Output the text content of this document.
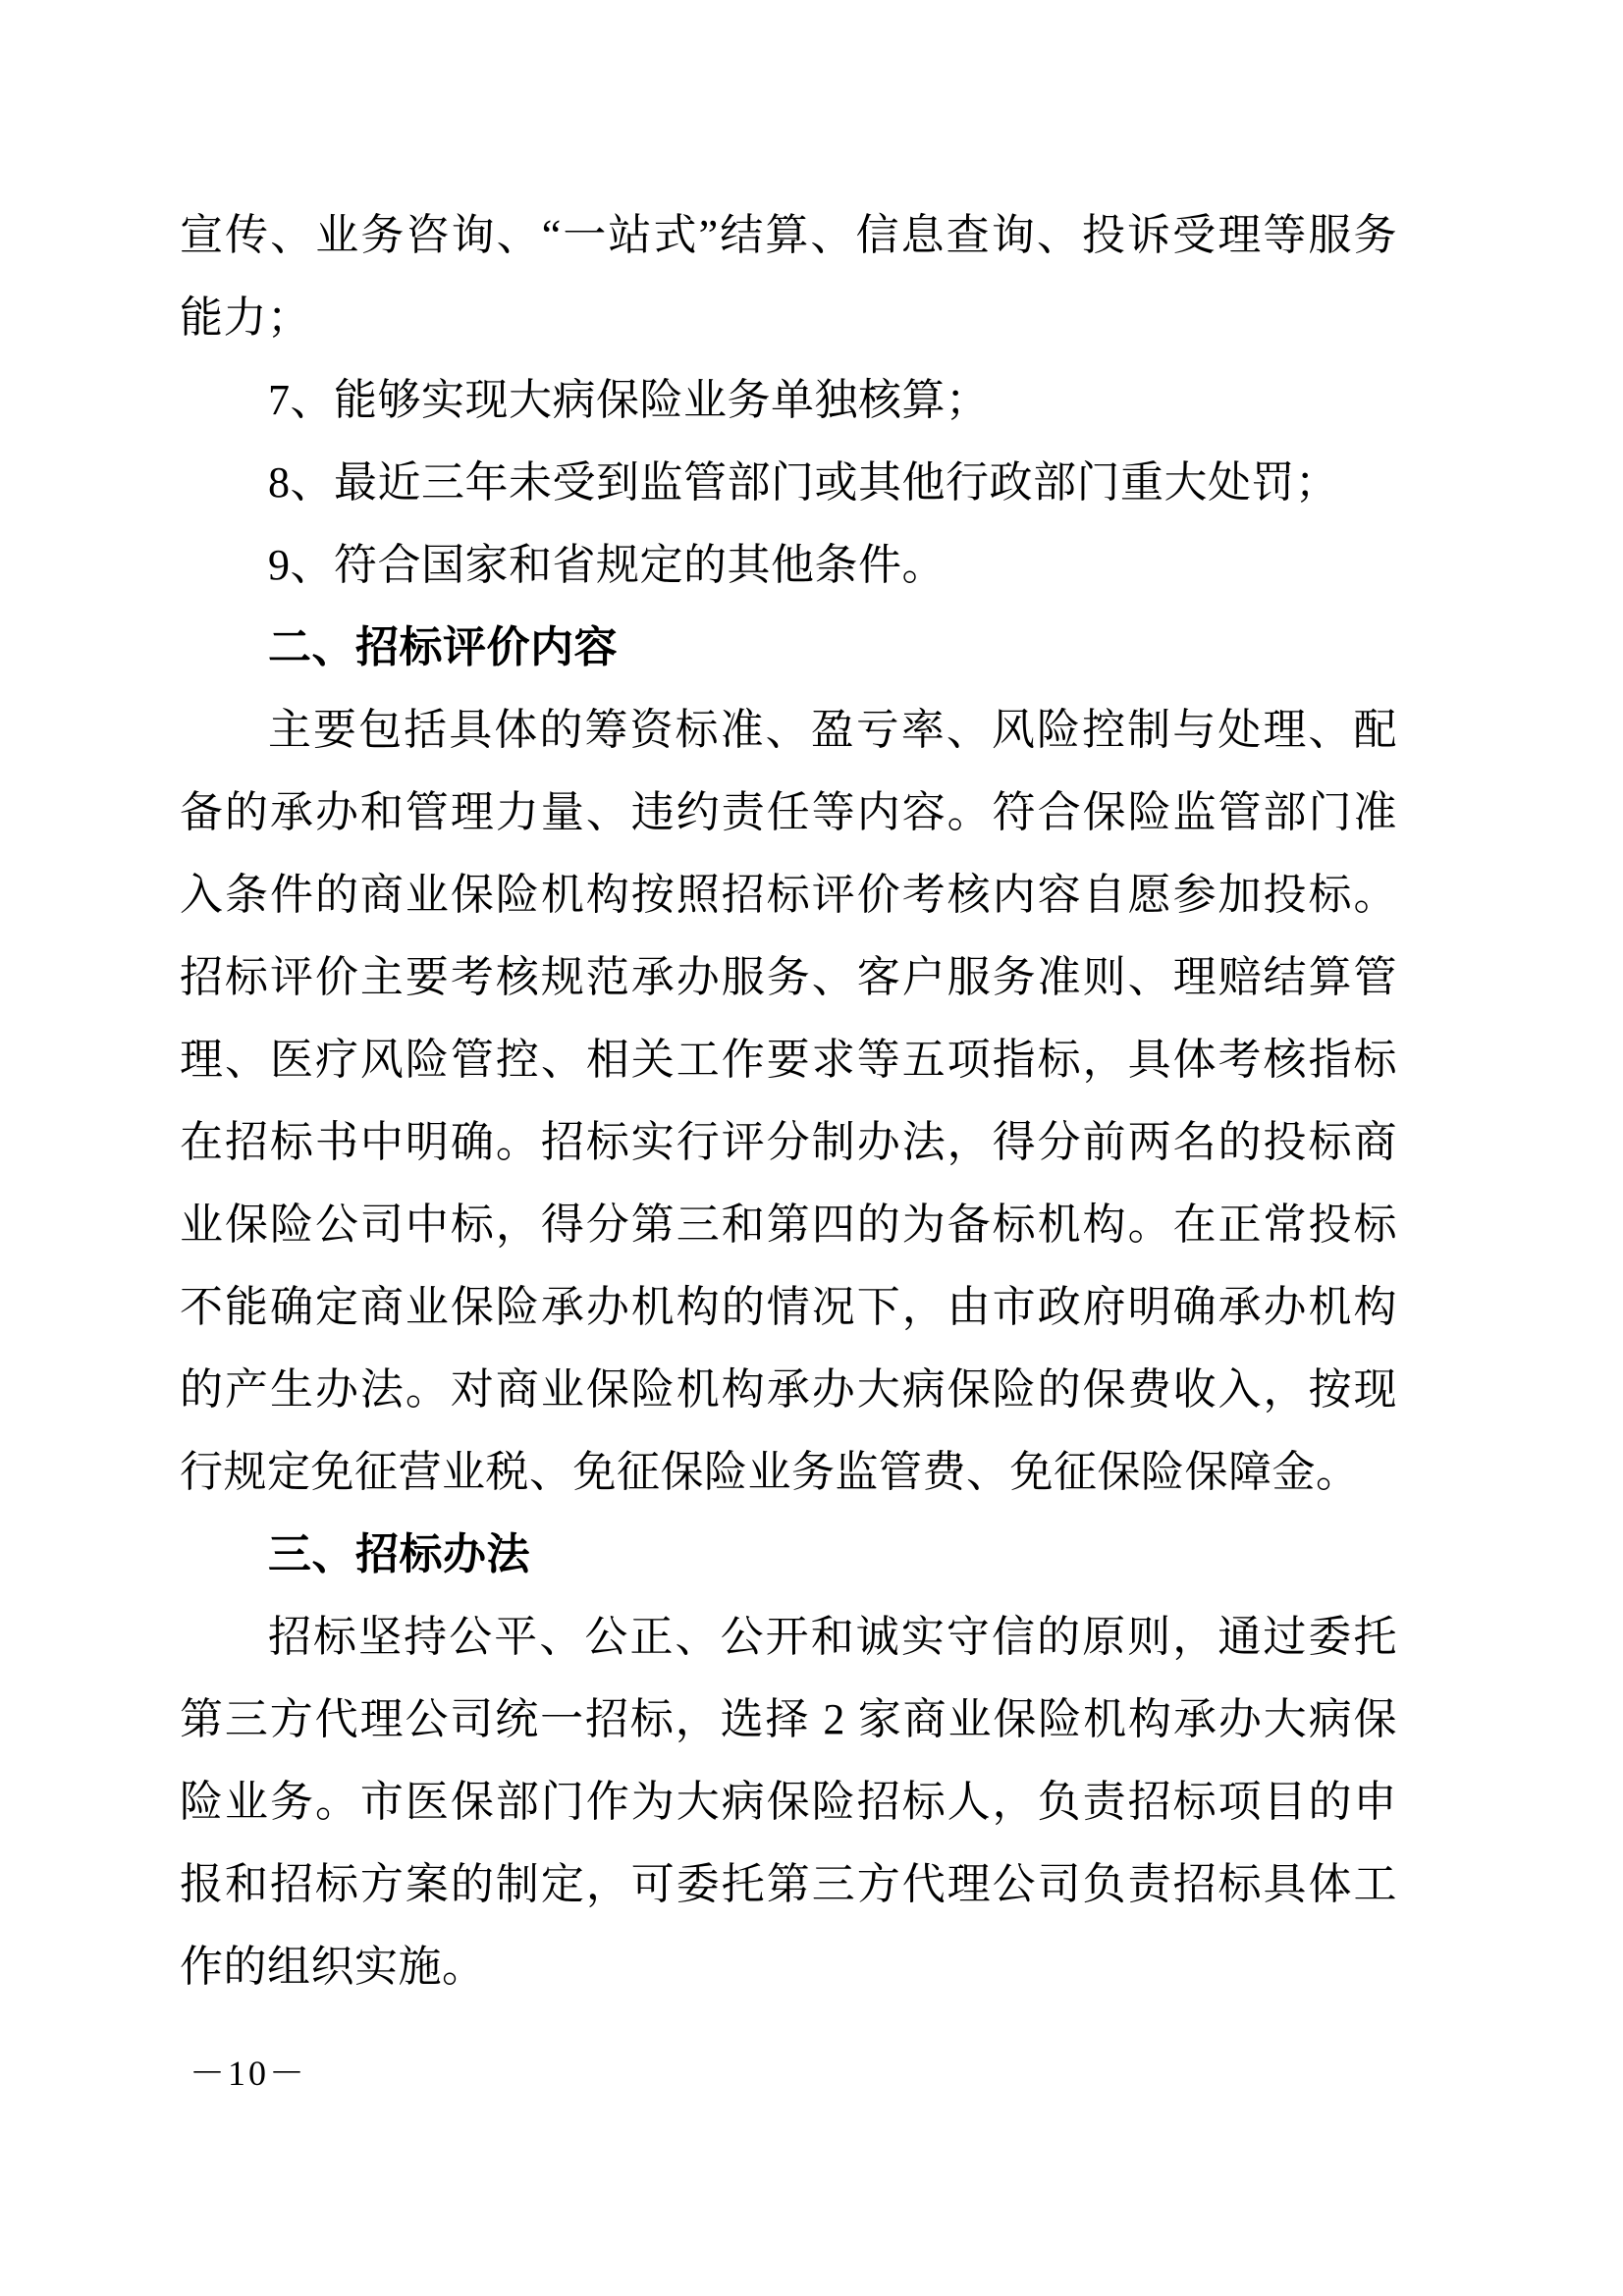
宣传、业务咨询、“一站式”结算、信息查询、投诉受理等服务能力；

7、能够实现大病保险业务单独核算；

8、最近三年未受到监管部门或其他行政部门重大处罚；

9、符合国家和省规定的其他条件。

二、招标评价内容

主要包括具体的筹资标准、盈亏率、风险控制与处理、配备的承办和管理力量、违约责任等内容。符合保险监管部门准入条件的商业保险机构按照招标评价考核内容自愿参加投标。招标评价主要考核规范承办服务、客户服务准则、理赔结算管理、医疗风险管控、相关工作要求等五项指标，具体考核指标在招标书中明确。招标实行评分制办法，得分前两名的投标商业保险公司中标，得分第三和第四的为备标机构。在正常投标不能确定商业保险承办机构的情况下，由市政府明确承办机构的产生办法。对商业保险机构承办大病保险的保费收入，按现行规定免征营业税、免征保险业务监管费、免征保险保障金。

三、招标办法

招标坚持公平、公正、公开和诚实守信的原则，通过委托第三方代理公司统一招标，选择 2 家商业保险机构承办大病保险业务。市医保部门作为大病保险招标人，负责招标项目的申报和招标方案的制定，可委托第三方代理公司负责招标具体工作的组织实施。

－10－
